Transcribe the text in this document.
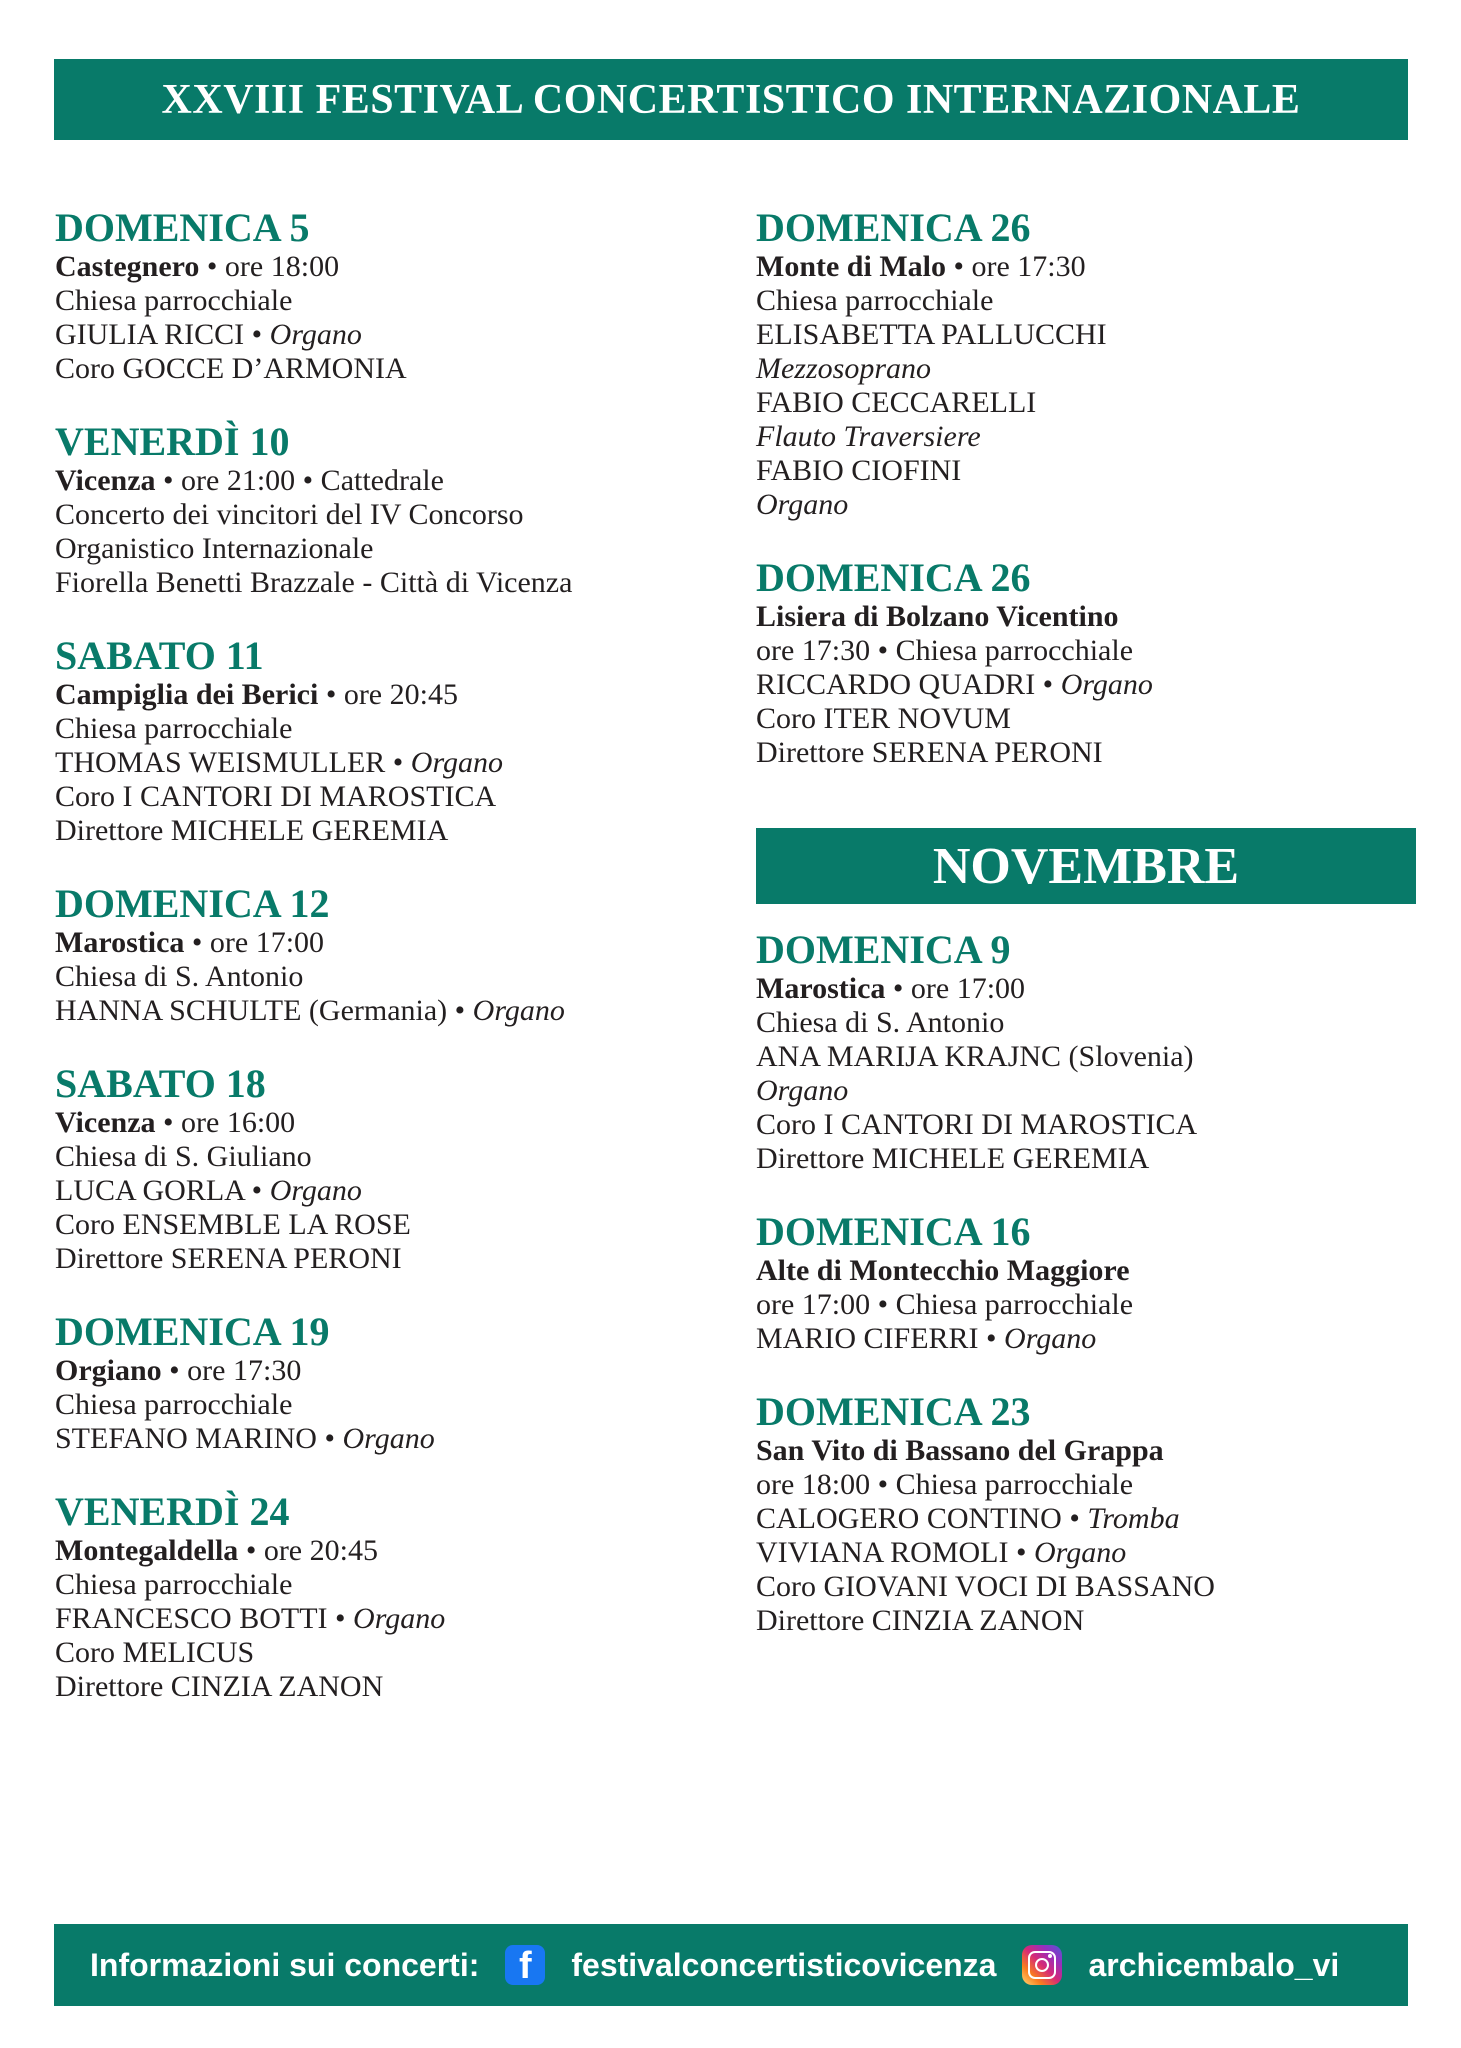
XXVIII FESTIVAL CONCERTISTICO INTERNAZIONALE
DOMENICA 5
Castegnero • ore 18:00
Chiesa parrocchiale
GIULIA RICCI • Organo
Coro GOCCE D’ARMONIA
VENERDÌ 10
Vicenza • ore 21:00 • Cattedrale
Concerto dei vincitori del IV Concorso
Organistico Internazionale
Fiorella Benetti Brazzale - Città di Vicenza
SABATO 11
Campiglia dei Berici • ore 20:45
Chiesa parrocchiale
THOMAS WEISMULLER • Organo
Coro I CANTORI DI MAROSTICA
Direttore MICHELE GEREMIA
DOMENICA 12
Marostica • ore 17:00
Chiesa di S. Antonio
HANNA SCHULTE (Germania) • Organo
SABATO 18
Vicenza • ore 16:00
Chiesa di S. Giuliano
LUCA GORLA • Organo
Coro ENSEMBLE LA ROSE
Direttore SERENA PERONI
DOMENICA 19
Orgiano • ore 17:30
Chiesa parrocchiale
STEFANO MARINO • Organo
VENERDÌ 24
Montegaldella • ore 20:45
Chiesa parrocchiale
FRANCESCO BOTTI • Organo
Coro MELICUS
Direttore CINZIA ZANON
DOMENICA 26
Monte di Malo • ore 17:30
Chiesa parrocchiale
ELISABETTA PALLUCCHI
Mezzosoprano
FABIO CECCARELLI
Flauto Traversiere
FABIO CIOFINI
Organo
DOMENICA 26
Lisiera di Bolzano Vicentino
ore 17:30 • Chiesa parrocchiale
RICCARDO QUADRI • Organo
Coro ITER NOVUM
Direttore SERENA PERONI
NOVEMBRE
DOMENICA 9
Marostica • ore 17:00
Chiesa di S. Antonio
ANA MARIJA KRAJNC (Slovenia)
Organo
Coro I CANTORI DI MAROSTICA
Direttore MICHELE GEREMIA
DOMENICA 16
Alte di Montecchio Maggiore
ore 17:00 • Chiesa parrocchiale
MARIO CIFERRI • Organo
DOMENICA 23
San Vito di Bassano del Grappa
ore 18:00 • Chiesa parrocchiale
CALOGERO CONTINO • Tromba
VIVIANA ROMOLI • Organo
Coro GIOVANI VOCI DI BASSANO
Direttore CINZIA ZANON
Informazioni sui concerti:	f	festivalconcertisticovicenza	archicembalo_vi
